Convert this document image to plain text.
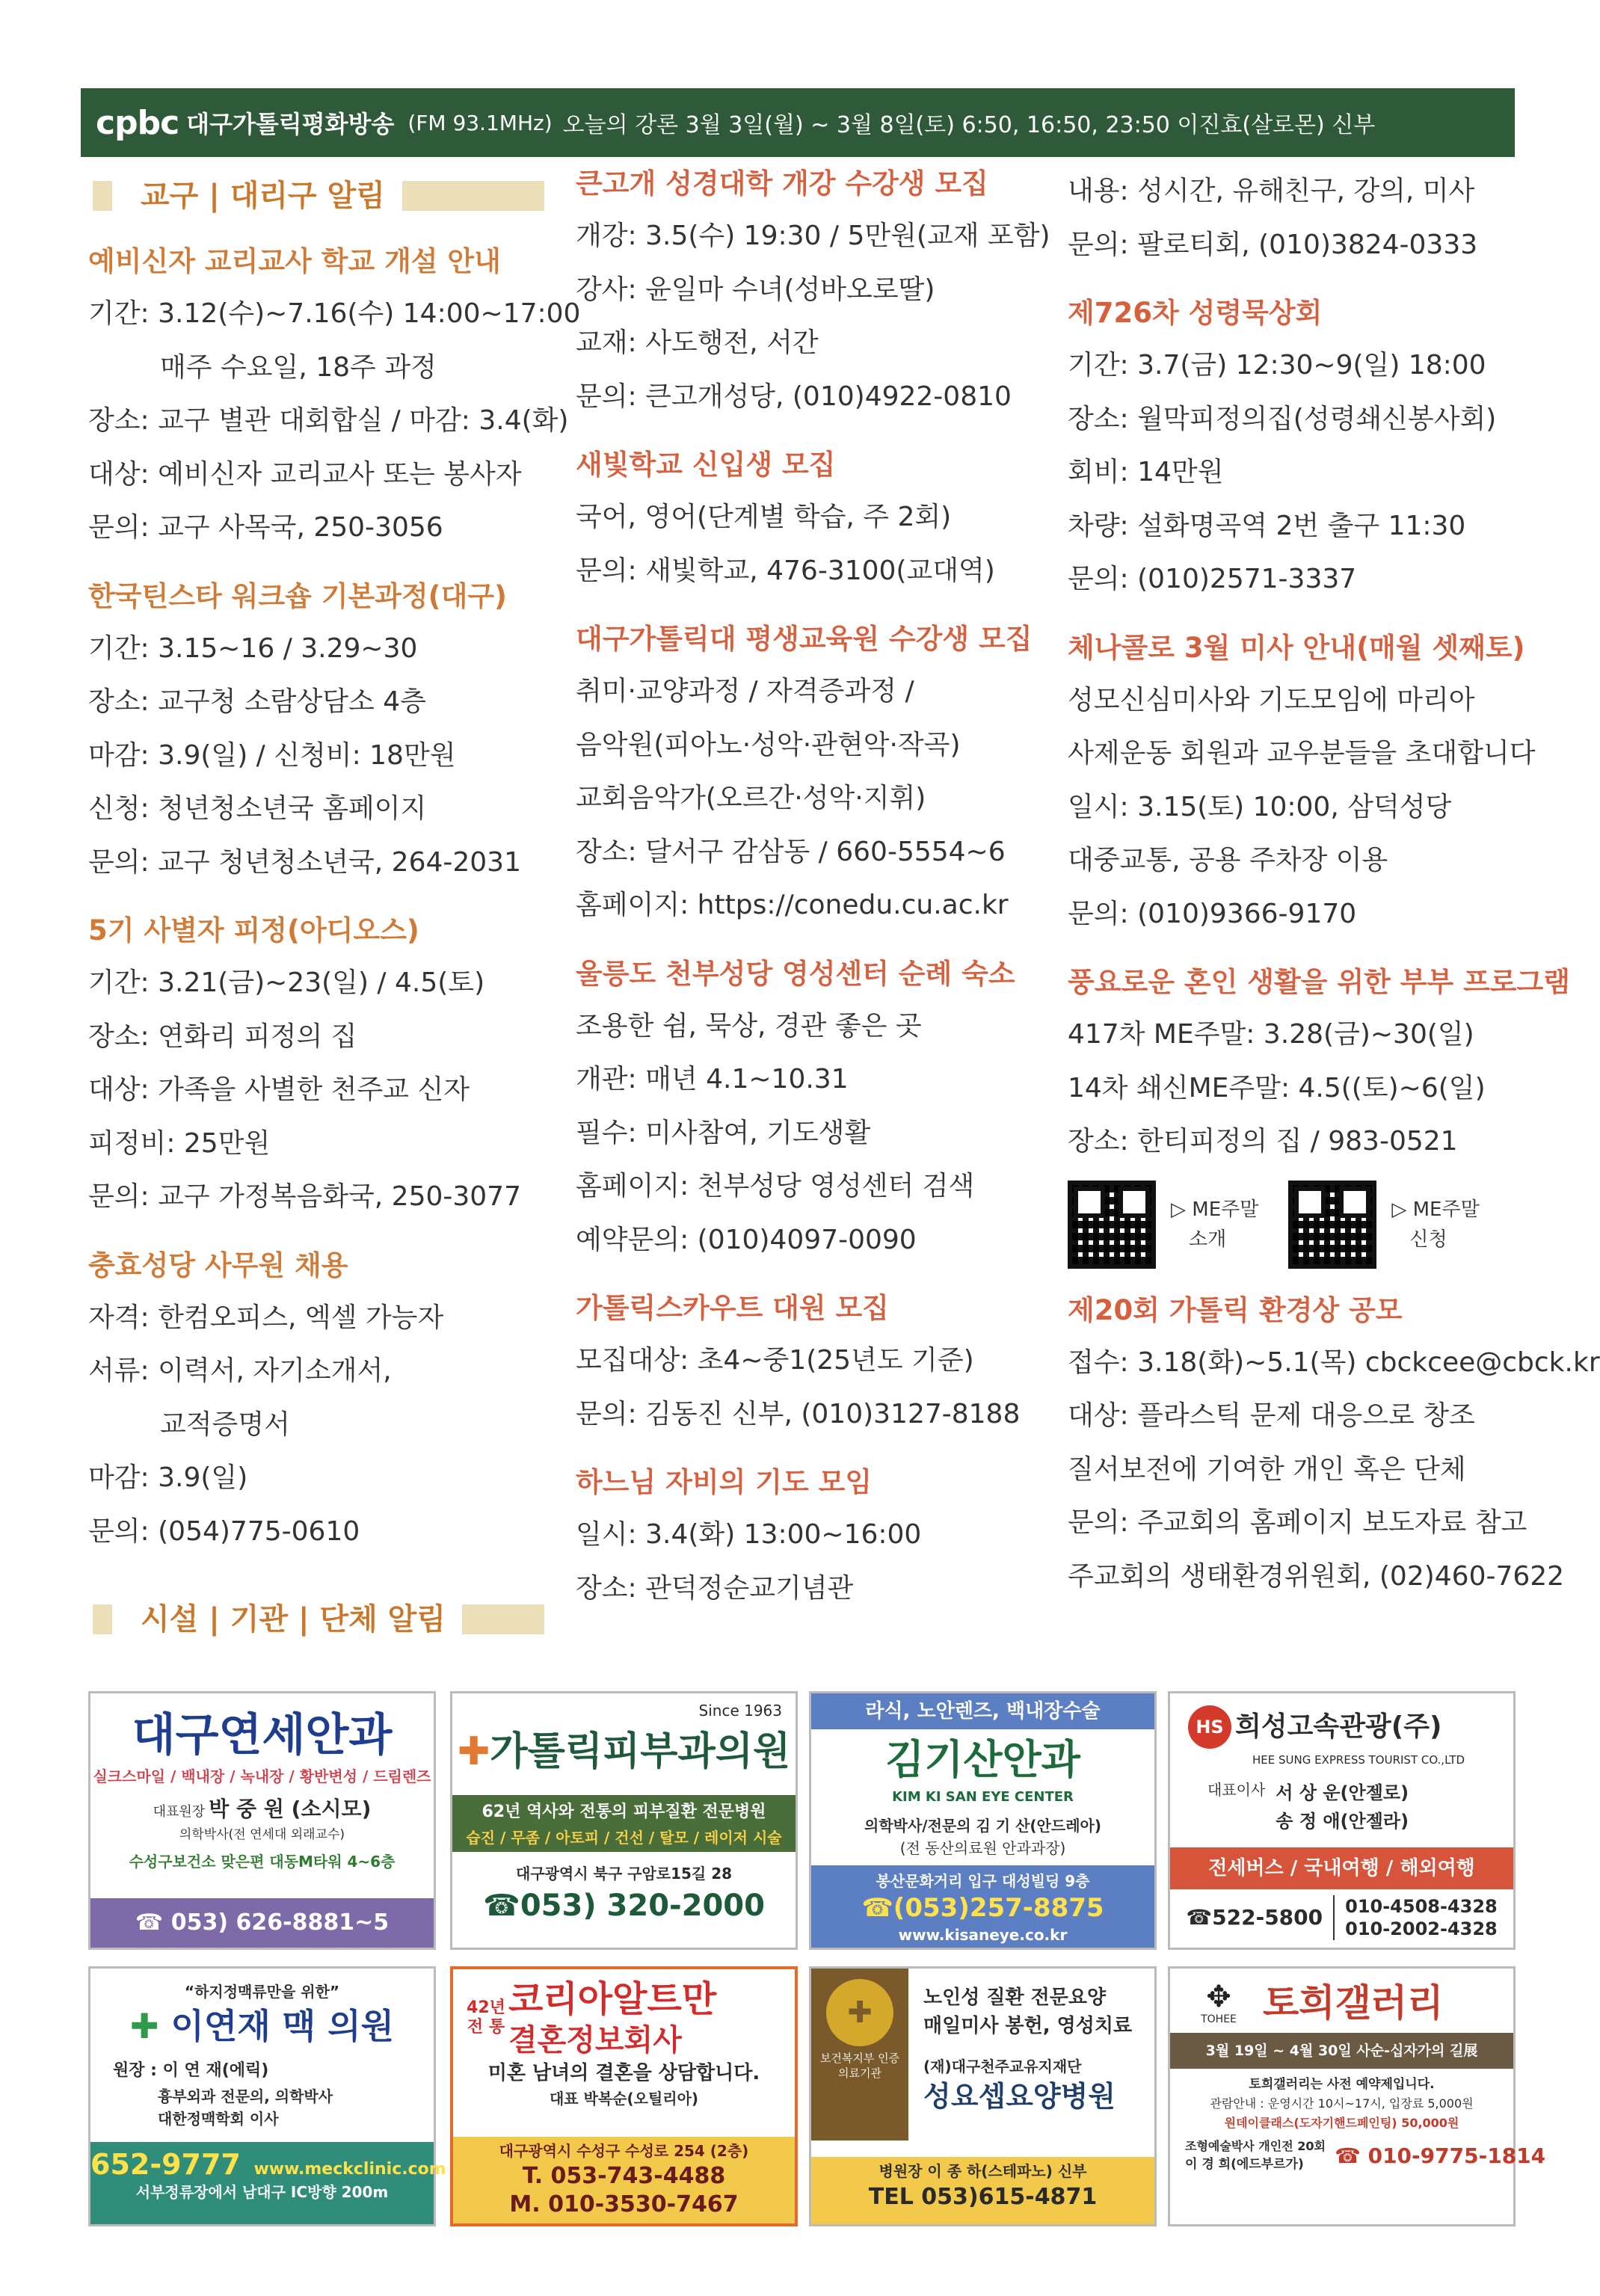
cpbc 대구가톨릭평화방송 (FM 93.1MHz) 오늘의 강론 3월 3일(월) ~ 3월 8일(토) 6:50, 16:50, 23:50 이진효(살로몬) 신부
교구 | 대리구 알림
예비신자 교리교사 학교 개설 안내
기간: 3.12(수)~7.16(수) 14:00~17:00
매주 수요일, 18주 과정
장소: 교구 별관 대회합실 / 마감: 3.4(화)
대상: 예비신자 교리교사 또는 봉사자
문의: 교구 사목국, 250-3056
한국틴스타 워크숍 기본과정(대구)
기간: 3.15~16 / 3.29~30
장소: 교구청 소람상담소 4층
마감: 3.9(일) / 신청비: 18만원
신청: 청년청소년국 홈페이지
문의: 교구 청년청소년국, 264-2031
5기 사별자 피정(아디오스)
기간: 3.21(금)~23(일) / 4.5(토)
장소: 연화리 피정의 집
대상: 가족을 사별한 천주교 신자
피정비: 25만원
문의: 교구 가정복음화국, 250-3077
충효성당 사무원 채용
자격: 한컴오피스, 엑셀 가능자
서류: 이력서, 자기소개서,
교적증명서
마감: 3.9(일)
문의: (054)775-0610
시설 | 기관 | 단체 알림
큰고개 성경대학 개강 수강생 모집
개강: 3.5(수) 19:30 / 5만원(교재 포함)
강사: 윤일마 수녀(성바오로딸)
교재: 사도행전, 서간
문의: 큰고개성당, (010)4922-0810
새빛학교 신입생 모집
국어, 영어(단계별 학습, 주 2회)
문의: 새빛학교, 476-3100(교대역)
대구가톨릭대 평생교육원 수강생 모집
취미·교양과정 / 자격증과정 /
음악원(피아노·성악·관현악·작곡)
교회음악가(오르간·성악·지휘)
장소: 달서구 감삼동 / 660-5554~6
홈페이지: https://conedu.cu.ac.kr
울릉도 천부성당 영성센터 순례 숙소
조용한 쉼, 묵상, 경관 좋은 곳
개관: 매년 4.1~10.31
필수: 미사참여, 기도생활
홈페이지: 천부성당 영성센터 검색
예약문의: (010)4097-0090
가톨릭스카우트 대원 모집
모집대상: 초4~중1(25년도 기준)
문의: 김동진 신부, (010)3127-8188
하느님 자비의 기도 모임
일시: 3.4(화) 13:00~16:00
장소: 관덕정순교기념관
내용: 성시간, 유해친구, 강의, 미사
문의: 팔로티회, (010)3824-0333
제726차 성령묵상회
기간: 3.7(금) 12:30~9(일) 18:00
장소: 월막피정의집(성령쇄신봉사회)
회비: 14만원
차량: 설화명곡역 2번 출구 11:30
문의: (010)2571-3337
체나콜로 3월 미사 안내(매월 셋째토)
성모신심미사와 기도모임에 마리아
사제운동 회원과 교우분들을 초대합니다
일시: 3.15(토) 10:00, 삼덕성당
대중교통, 공용 주차장 이용
문의: (010)9366-9170
풍요로운 혼인 생활을 위한 부부 프로그램
417차 ME주말: 3.28(금)~30(일)
14차 쇄신ME주말: 4.5((토)~6(일)
장소: 한티피정의 집 / 983-0521
▷ ME주말
소개
▷ ME주말
신청
제20회 가톨릭 환경상 공모
접수: 3.18(화)~5.1(목) cbckcee@cbck.kr
대상: 플라스틱 문제 대응으로 창조
질서보전에 기여한 개인 혹은 단체
문의: 주교회의 홈페이지 보도자료 참고
주교회의 생태환경위원회, (02)460-7622
대구연세안과
실크스마일 / 백내장 / 녹내장 / 황반변성 / 드림렌즈
대표원장 박 중 원 (소시모)
의학박사(전 연세대 외래교수)
수성구보건소 맞은편 대동M타워 4~6층
☎ 053) 626-8881~5
Since 1963
✚가톨릭피부과의원
62년 역사와 전통의 피부질환 전문병원
습진 / 무좀 / 아토피 / 건선 / 탈모 / 레이저 시술
대구광역시 북구 구암로15길 28
☎053) 320-2000
라식, 노안렌즈, 백내장수술
김기산안과
KIM KI SAN EYE CENTER
의학박사/전문의 김 기 산(안드레아)
(전 동산의료원 안과과장)
봉산문화거리 입구 대성빌딩 9층
☎(053)257-8875
www.kisaneye.co.kr
HS 희성고속관광(주)
HEE SUNG EXPRESS TOURIST CO.,LTD
대표이사 서 상 운(안젤로)
송 정 애(안젤라)
전세버스 / 국내여행 / 해외여행
☎522-5800 010-4508-4328
010-2002-4328
“하지정맥류만을 위한”
✚ 이연재 맥 의원
원장 : 이 연 재(에릭)
흉부외과 전문의, 의학박사
대한정맥학회 이사
652-9777 www.meckclinic.com
서부정류장에서 남대구 IC방향 200m
42년 전 통
코리아알트만
결혼정보회사
미혼 남녀의 결혼을 상담합니다.
대표 박복순(오틸리아)
대구광역시 수성구 수성로 254 (2층)
T. 053-743-4488
M. 010-3530-7467
보건복지부 인증의료기관
✚	노인성 질환 전문요양
매일미사 봉헌, 영성치료
(재)대구천주교유지재단
성요셉요양병원
병원장 이 종 하(스테파노) 신부
TEL 053)615-4871
✥
TOHEE 토희갤러리
3월 19일 ~ 4월 30일 사순-십자가의 길展
토희갤러리는 사전 예약제입니다.
관람안내 : 운영시간 10시~17시, 입장료 5,000원
원데이클래스(도자기핸드페인팅) 50,000원
조형예술박사 개인전 20회
이 경 희(에드부르가)	☎ 010-9775-1814
